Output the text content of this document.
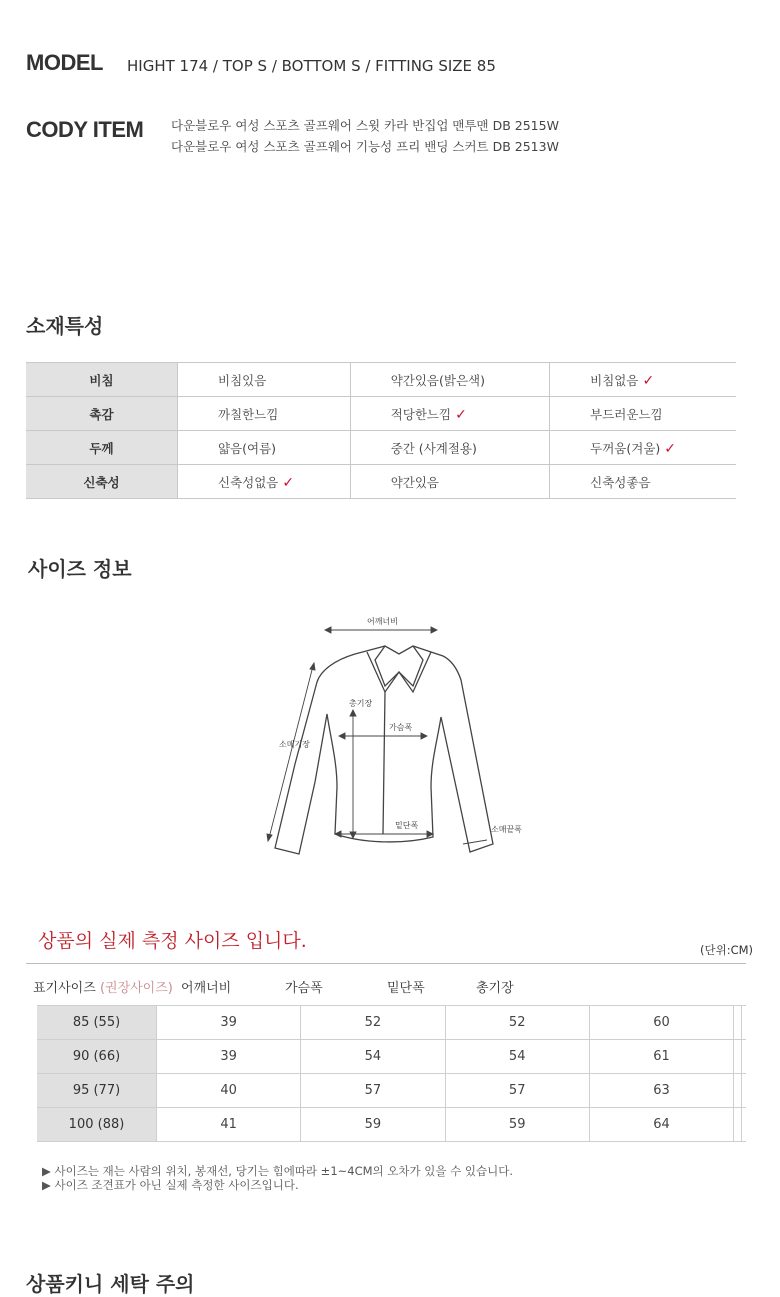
MODEL HIGHT 174 / TOP S / BOTTOM S / FITTING SIZE 85
CODY ITEM 다운블로우 여성 스포츠 골프웨어 스윗 카라 반집업 맨투맨 DB 2515W
다운블로우 여성 스포츠 골프웨어 기능성 프리 밴딩 스커트 DB 2513W
소재특성
비침	비침있음	약간있음(밝은색)	비침없음 ✓
촉감	까칠한느낌	적당한느낌 ✓	부드러운느낌
두께	얇음(여름)	중간 (사계절용)	두꺼움(겨울) ✓
신축성	신축성없음 ✓	약간있음	신축성좋음
사이즈 정보
어깨너비
총기장
가슴폭
소매기장
밑단폭	소매끝폭
상품의 실제 측정 사이즈 입니다.	(단위:CM)
표기사이즈 (권장사이즈) 어깨너비	가슴폭	밑단폭	총기장
85 (55)	39	52	52	60		
90 (66)	39	54	54	61		
95 (77)	40	57	57	63		
100 (88)	41	59	59	64		
▶ 사이즈는 재는 사람의 위치, 봉재선, 당기는 힘에따라 ±1~4CM의 오차가 있을 수 있습니다.
▶ 사이즈 조견표가 아닌 실제 측정한 사이즈입니다.
상품키니 세탁 주의
